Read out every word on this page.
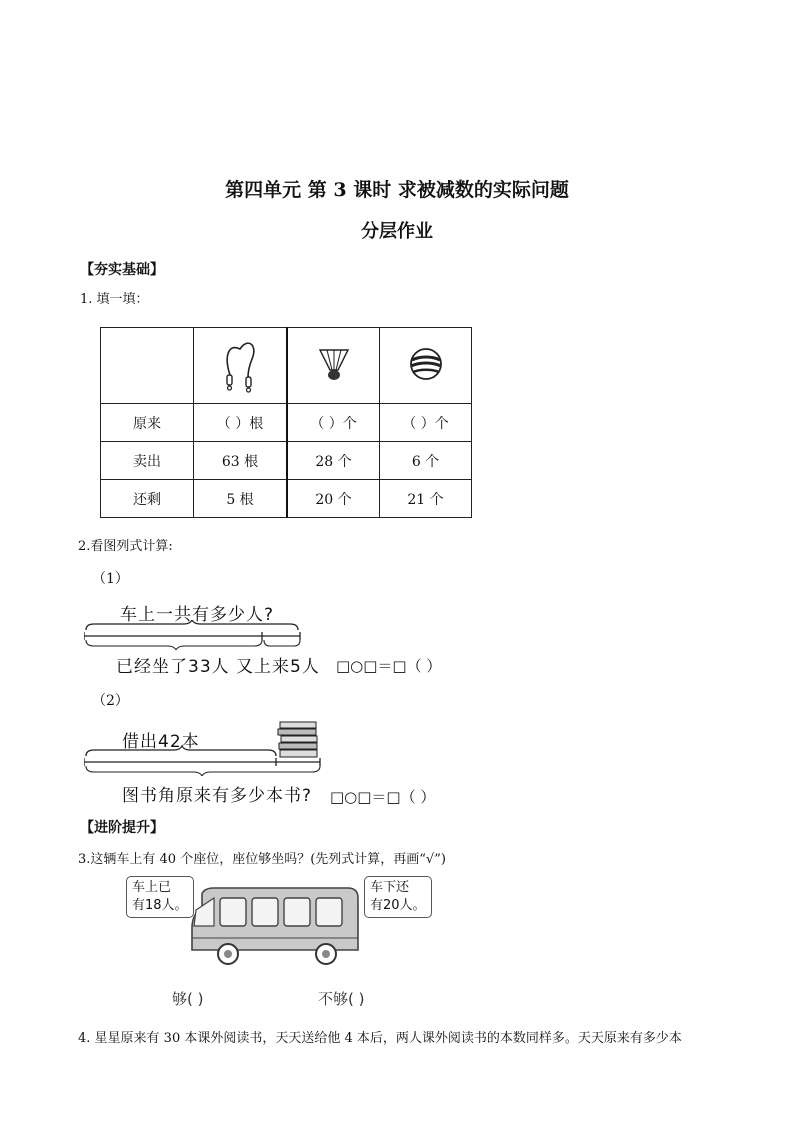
第四单元 第 3 课时 求被减数的实际问题
分层作业
【夯实基础】
1. 填一填：

原来	（ ）根	（ ）个	（ ）个
卖出	63 根	28 个	6 个
还剩	5 根	20 个	21 个
2.看图列式计算:
（1）
车上一共有多少人?
已经坐了33人 又上来5人 □○□＝□（ ）
（2）
借出42本
图书角原来有多少本书? □○□＝□（ ）
【进阶提升】
3.这辆车上有 40 个座位，座位够坐吗？(先列式计算，再画“√”)
车上已
有18人。
车下还
有20人。
够( )	不够( )
4. 星星原来有 30 本课外阅读书，天天送给他 4 本后，两人课外阅读书的本数同样多。天天原来有多少本
